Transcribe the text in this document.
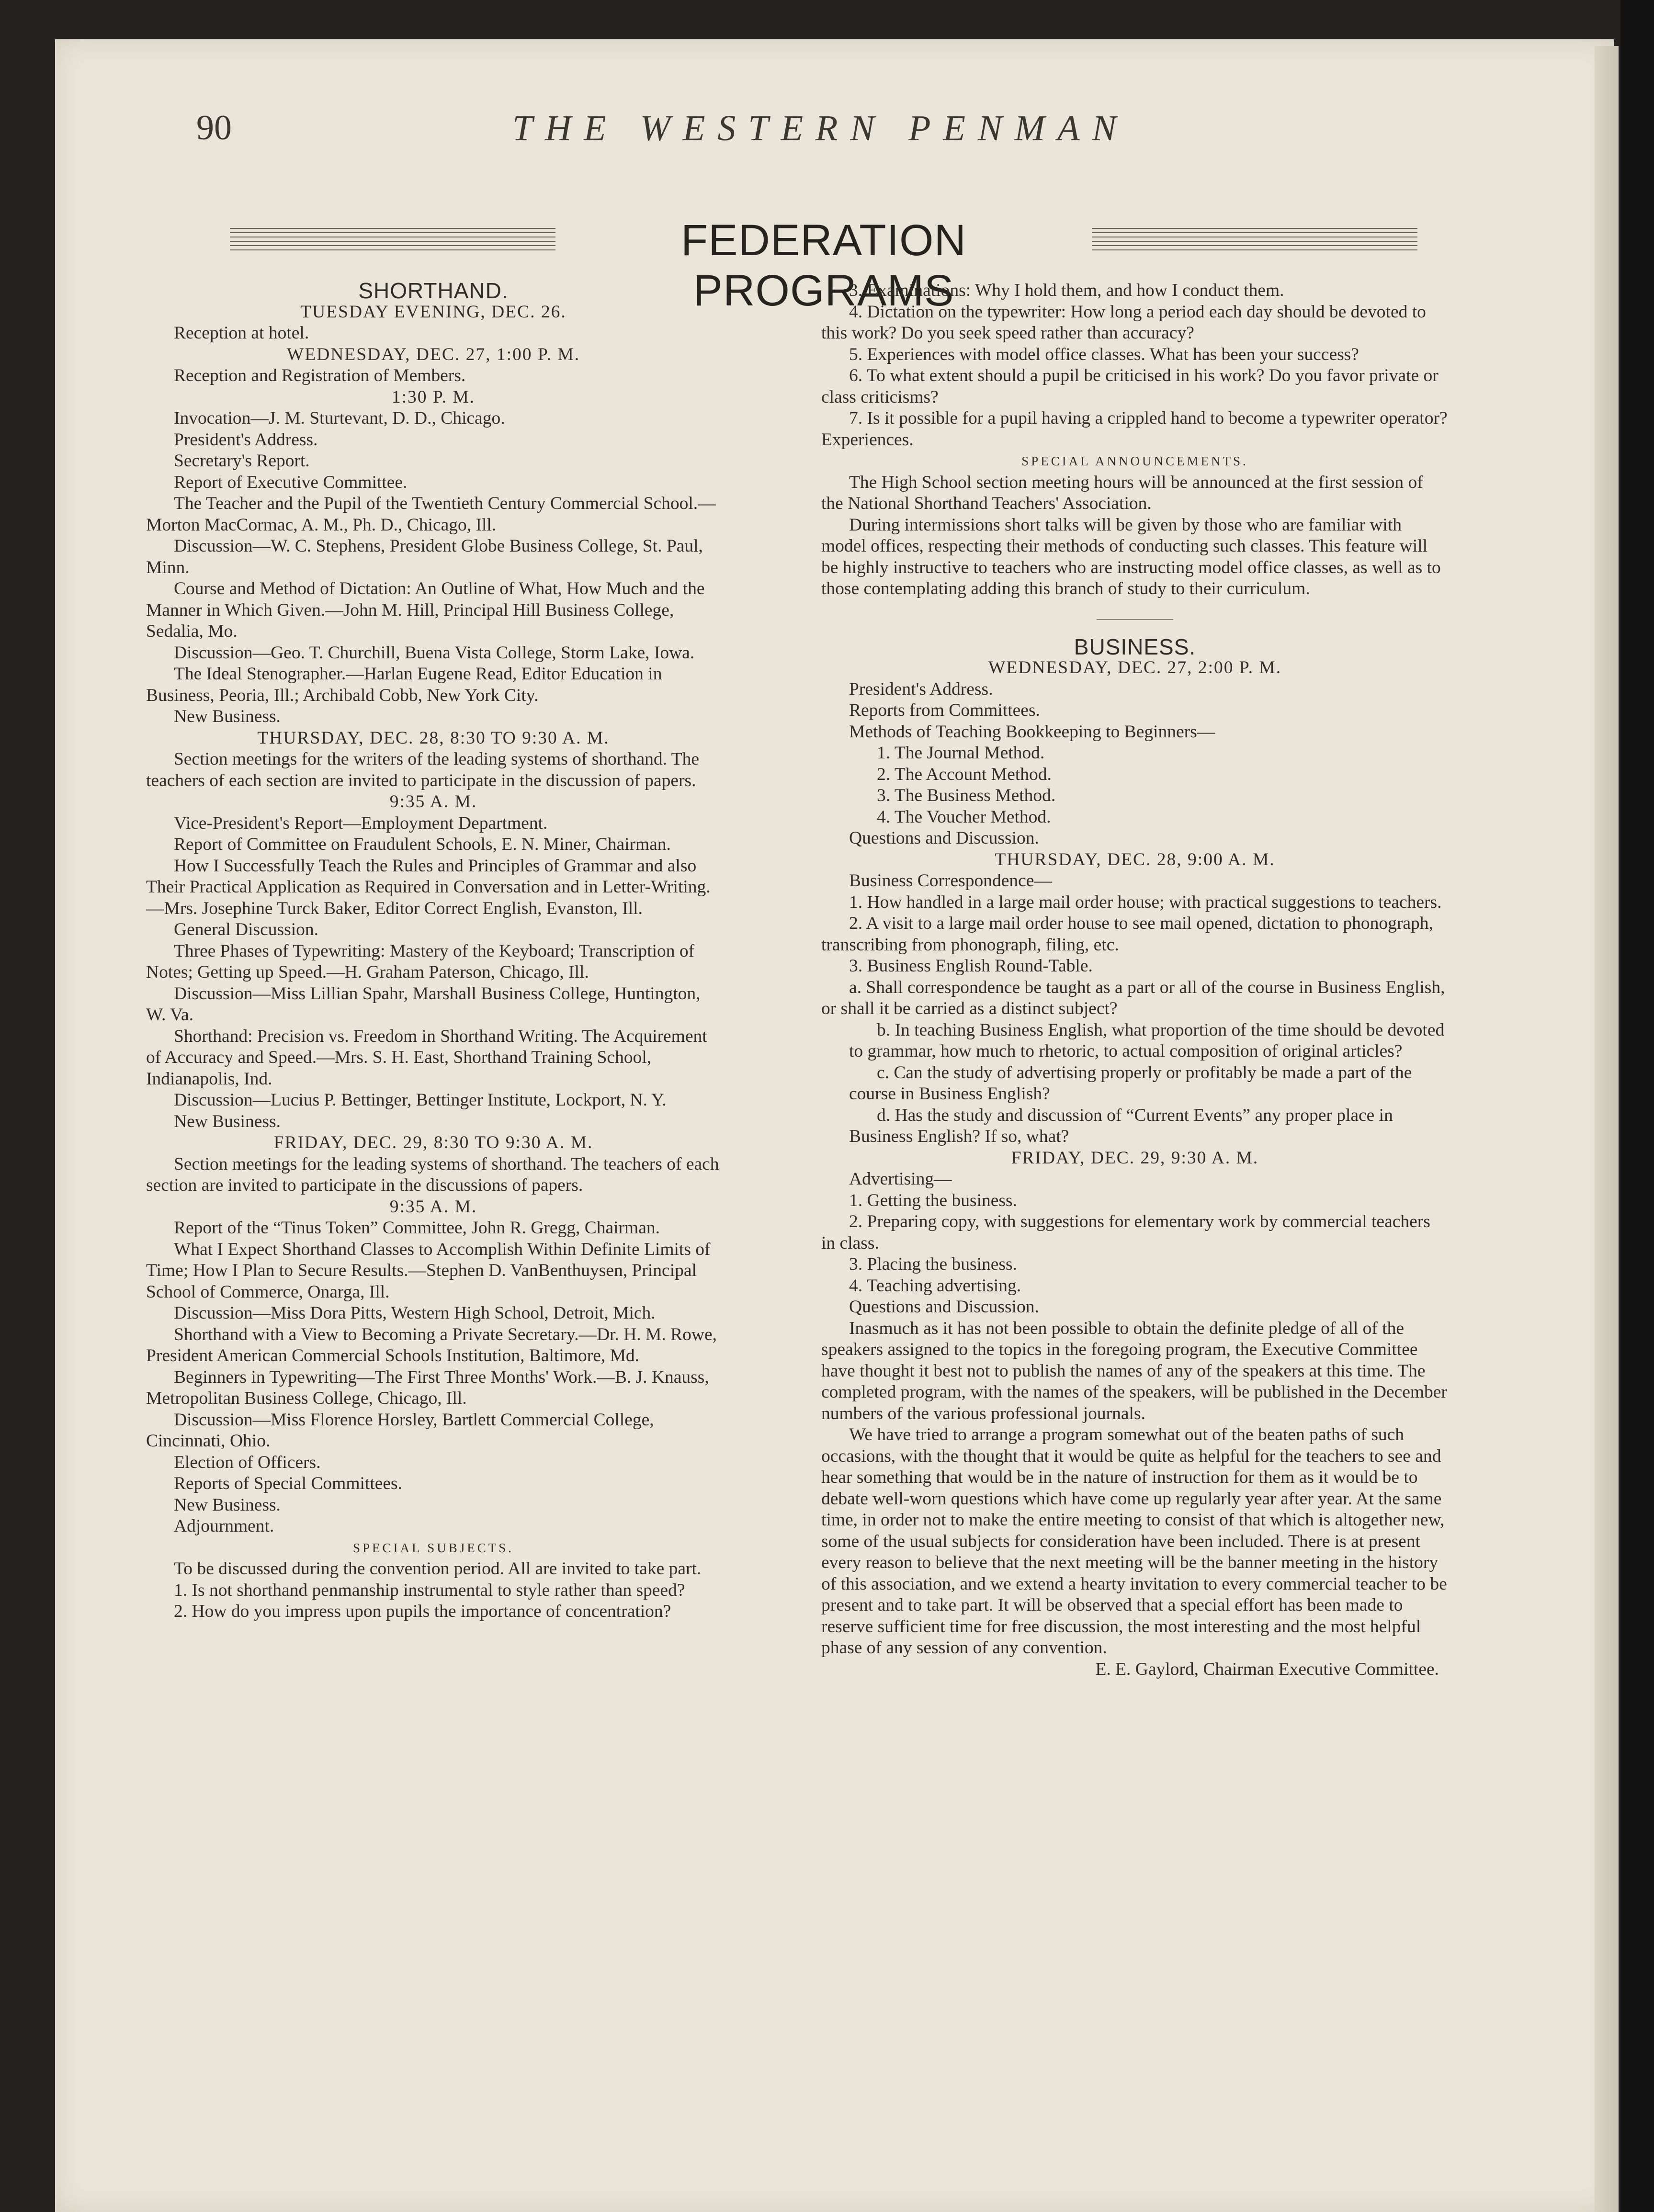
90	THE WESTERN PENMAN
FEDERATION PROGRAMS

SHORTHAND.

TUESDAY EVENING, DEC. 26.

Reception at hotel.

WEDNESDAY, DEC. 27, 1:00 P. M.

Reception and Registration of Members.

1:30 P. M.

Invocation—J. M. Sturtevant, D. D., Chicago.

President's Address.

Secretary's Report.

Report of Executive Committee.

The Teacher and the Pupil of the Twentieth Century Commercial School.—Morton MacCormac, A. M., Ph. D., Chicago, Ill.

Discussion—W. C. Stephens, President Globe Business College, St. Paul, Minn.

Course and Method of Dictation: An Outline of What, How Much and the Manner in Which Given.—John M. Hill, Principal Hill Business College, Sedalia, Mo.

Discussion—Geo. T. Churchill, Buena Vista College, Storm Lake, Iowa.

The Ideal Stenographer.—Harlan Eugene Read, Editor Education in Business, Peoria, Ill.; Archibald Cobb, New York City.

New Business.

THURSDAY, DEC. 28, 8:30 TO 9:30 A. M.

Section meetings for the writers of the leading systems of shorthand. The teachers of each section are invited to participate in the discussion of papers.

9:35 A. M.

Vice-President's Report—Employment Department.

Report of Committee on Fraudulent Schools, E. N. Miner, Chairman.

How I Successfully Teach the Rules and Principles of Grammar and also Their Practical Application as Required in Conversation and in Letter-Writing.—Mrs. Josephine Turck Baker, Editor Correct English, Evanston, Ill.

General Discussion.

Three Phases of Typewriting: Mastery of the Keyboard; Transcription of Notes; Getting up Speed.—H. Graham Paterson, Chicago, Ill.

Discussion—Miss Lillian Spahr, Marshall Business College, Huntington, W. Va.

Shorthand: Precision vs. Freedom in Shorthand Writing. The Acquirement of Accuracy and Speed.—Mrs. S. H. East, Shorthand Training School, Indianapolis, Ind.

Discussion—Lucius P. Bettinger, Bettinger Institute, Lockport, N. Y.

New Business.

FRIDAY, DEC. 29, 8:30 TO 9:30 A. M.

Section meetings for the leading systems of shorthand. The teachers of each section are invited to participate in the discussions of papers.

9:35 A. M.

Report of the “Tinus Token” Committee, John R. Gregg, Chairman.

What I Expect Shorthand Classes to Accomplish Within Definite Limits of Time; How I Plan to Secure Results.—Stephen D. VanBenthuysen, Principal School of Commerce, Onarga, Ill.

Discussion—Miss Dora Pitts, Western High School, Detroit, Mich.

Shorthand with a View to Becoming a Private Secretary.—Dr. H. M. Rowe, President American Commercial Schools Institution, Baltimore, Md.

Beginners in Typewriting—The First Three Months' Work.—B. J. Knauss, Metropolitan Business College, Chicago, Ill.

Discussion—Miss Florence Horsley, Bartlett Commercial College, Cincinnati, Ohio.

Election of Officers.

Reports of Special Committees.

New Business.

Adjournment.

SPECIAL SUBJECTS.

To be discussed during the convention period. All are invited to take part.

1. Is not shorthand penmanship instrumental to style rather than speed?

2. How do you impress upon pupils the importance of concentration?

3. Examinations: Why I hold them, and how I conduct them.

4. Dictation on the typewriter: How long a period each day should be devoted to this work? Do you seek speed rather than accuracy?

5. Experiences with model office classes. What has been your success?

6. To what extent should a pupil be criticised in his work? Do you favor private or class criticisms?

7. Is it possible for a pupil having a crippled hand to become a typewriter operator? Experiences.

SPECIAL ANNOUNCEMENTS.

The High School section meeting hours will be announced at the first session of the National Shorthand Teachers' Association.

During intermissions short talks will be given by those who are familiar with model offices, respecting their methods of conducting such classes. This feature will be highly instructive to teachers who are instructing model office classes, as well as to those contemplating adding this branch of study to their curriculum.

BUSINESS.

WEDNESDAY, DEC. 27, 2:00 P. M.

President's Address.

Reports from Committees.

Methods of Teaching Bookkeeping to Beginners—

1. The Journal Method.

2. The Account Method.

3. The Business Method.

4. The Voucher Method.

Questions and Discussion.

THURSDAY, DEC. 28, 9:00 A. M.

Business Correspondence—

1. How handled in a large mail order house; with practical suggestions to teachers.

2. A visit to a large mail order house to see mail opened, dictation to phonograph, transcribing from phonograph, filing, etc.

3. Business English Round-Table.

a. Shall correspondence be taught as a part or all of the course in Business English, or shall it be carried as a distinct subject?

b. In teaching Business English, what proportion of the time should be devoted to grammar, how much to rhetoric, to actual composition of original articles?

c. Can the study of advertising properly or profitably be made a part of the course in Business English?

d. Has the study and discussion of “Current Events” any proper place in Business English? If so, what?

FRIDAY, DEC. 29, 9:30 A. M.

Advertising—

1. Getting the business.

2. Preparing copy, with suggestions for elementary work by commercial teachers in class.

3. Placing the business.

4. Teaching advertising.

Questions and Discussion.

Inasmuch as it has not been possible to obtain the definite pledge of all of the speakers assigned to the topics in the foregoing program, the Executive Committee have thought it best not to publish the names of any of the speakers at this time. The completed program, with the names of the speakers, will be published in the December numbers of the various professional journals.

We have tried to arrange a program somewhat out of the beaten paths of such occasions, with the thought that it would be quite as helpful for the teachers to see and hear something that would be in the nature of instruction for them as it would be to debate well-worn questions which have come up regularly year after year. At the same time, in order not to make the entire meeting to consist of that which is altogether new, some of the usual subjects for consideration have been included. There is at present every reason to believe that the next meeting will be the banner meeting in the history of this association, and we extend a hearty invitation to every commercial teacher to be present and to take part. It will be observed that a special effort has been made to reserve sufficient time for free discussion, the most interesting and the most helpful phase of any session of any convention.

E. E. Gaylord, Chairman Executive Committee.
